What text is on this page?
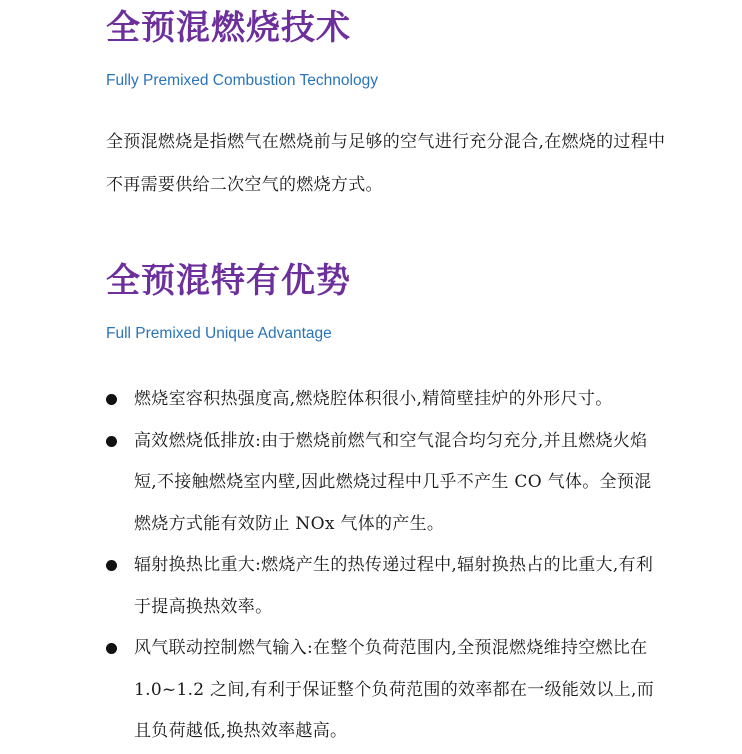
全预混燃烧技术

Fully Premixed Combustion Technology

全预混燃烧是指燃气在燃烧前与足够的空气进行充分混合,在燃烧的过程中不再需要供给二次空气的燃烧方式。

全预混特有优势

Full Premixed Unique Advantage

燃烧室容积热强度高,燃烧腔体积很小,精简壁挂炉的外形尺寸。
高效燃烧低排放:由于燃烧前燃气和空气混合均匀充分,并且燃烧火焰短,不接触燃烧室内壁,因此燃烧过程中几乎不产生 CO 气体。全预混燃烧方式能有效防止 NOx 气体的产生。
辐射换热比重大:燃烧产生的热传递过程中,辐射换热占的比重大,有利于提高换热效率。
风气联动控制燃气输入:在整个负荷范围内,全预混燃烧维持空燃比在 1.0~1.2 之间,有利于保证整个负荷范围的效率都在一级能效以上,而且负荷越低,换热效率越高。
